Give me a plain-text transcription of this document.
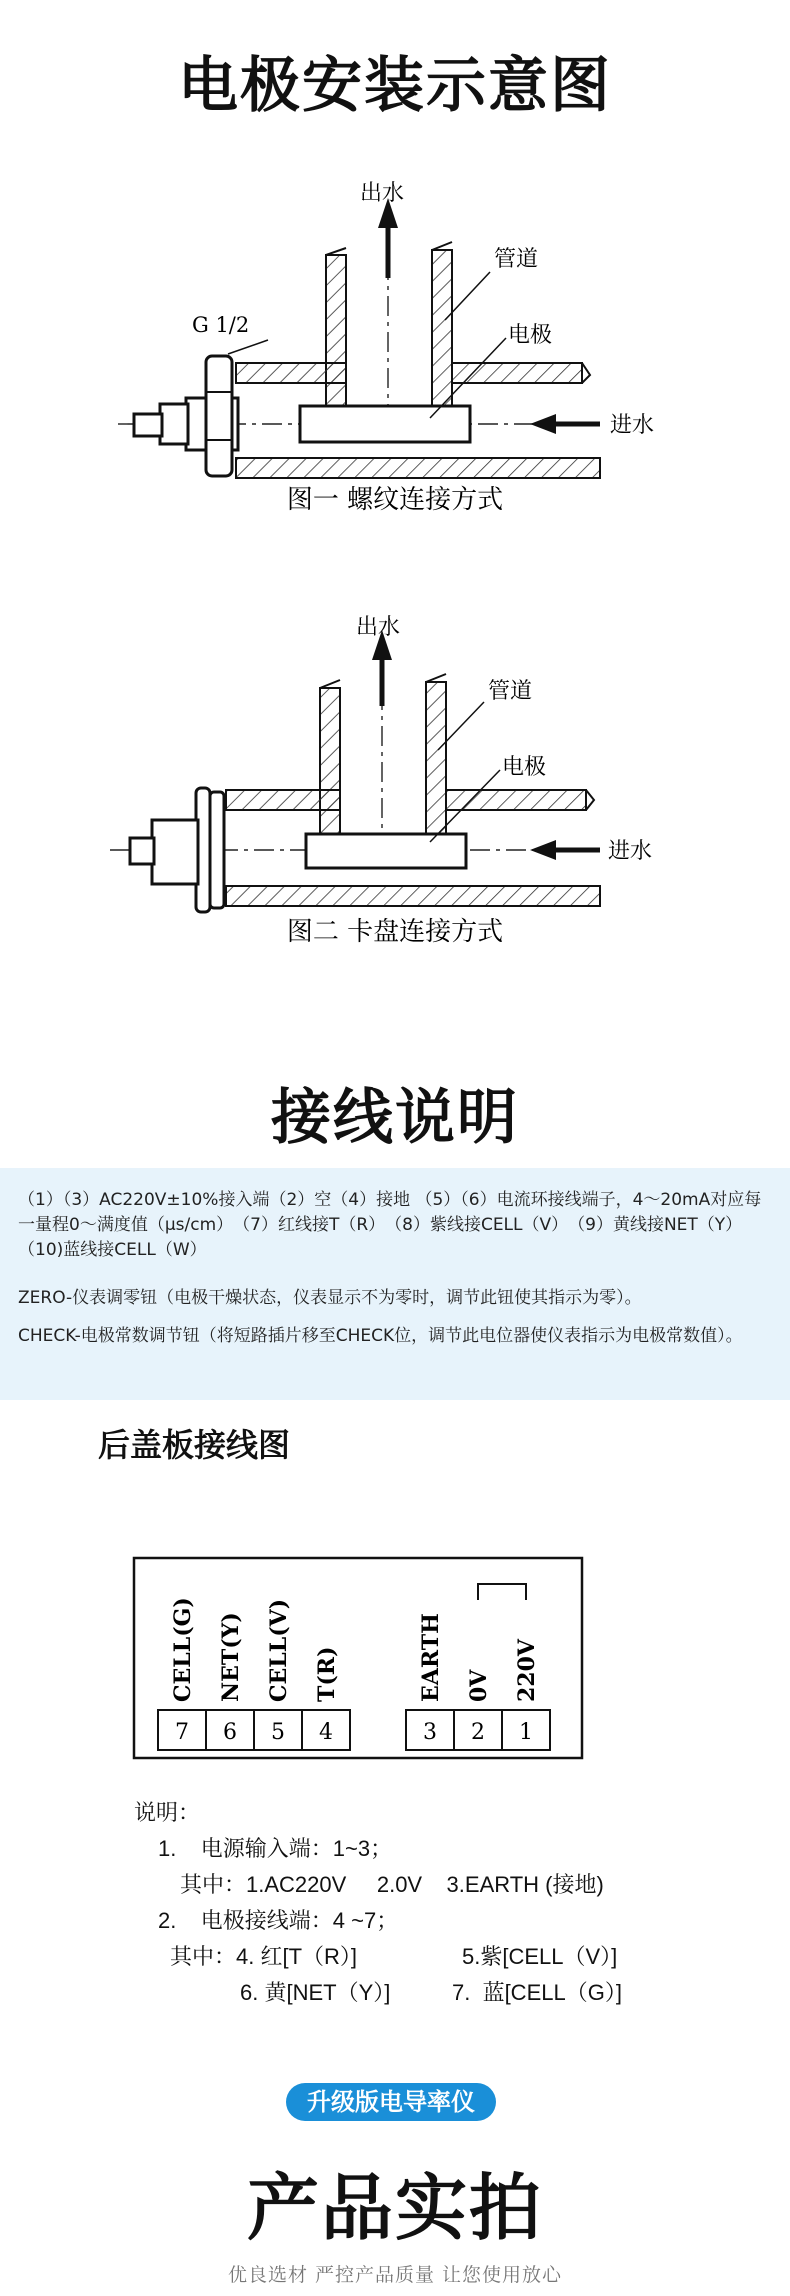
电极安装示意图
出水
管道
电极
进水
G 1/2
图一 螺纹连接方式
出水
管道
电极
进水
图二 卡盘连接方式
接线说明

（1）（3）AC220V±10%接入端（2）空（4）接地 （5）（6）电流环接线端子，4～20mA对应每一量程0～满度值（μs/cm）　（7）红线接T（R）　（8）紫线接CELL（V）　（9）黄线接NET（Y）（10)蓝线接CELL（W）

ZERO-仪表调零钮（电极干燥状态，仪表显示不为零时，调节此钮使其指示为零）。

CHECK-电极常数调节钮（将短路插片移至CHECK位，调节此电位器使仪表指示为电极常数值）。

后盖板接线图
CELL(G) NET(Y) CELL(V) T(R)	EARTH 0V 220V
7 6 5 4	3 2 1
说明：
1.    电源输入端：1~3；
其中：1.AC220V     2.0V    3.EARTH (接地)
2.    电极接线端：4 ~7；
其中：4. 红[T（R）]	5.紫[CELL（V）]
6. 黄[NET（Y）]	7.  蓝[CELL（G）]
升级版电导率仪
产品实拍
优良选材 严控产品质量 让您使用放心
